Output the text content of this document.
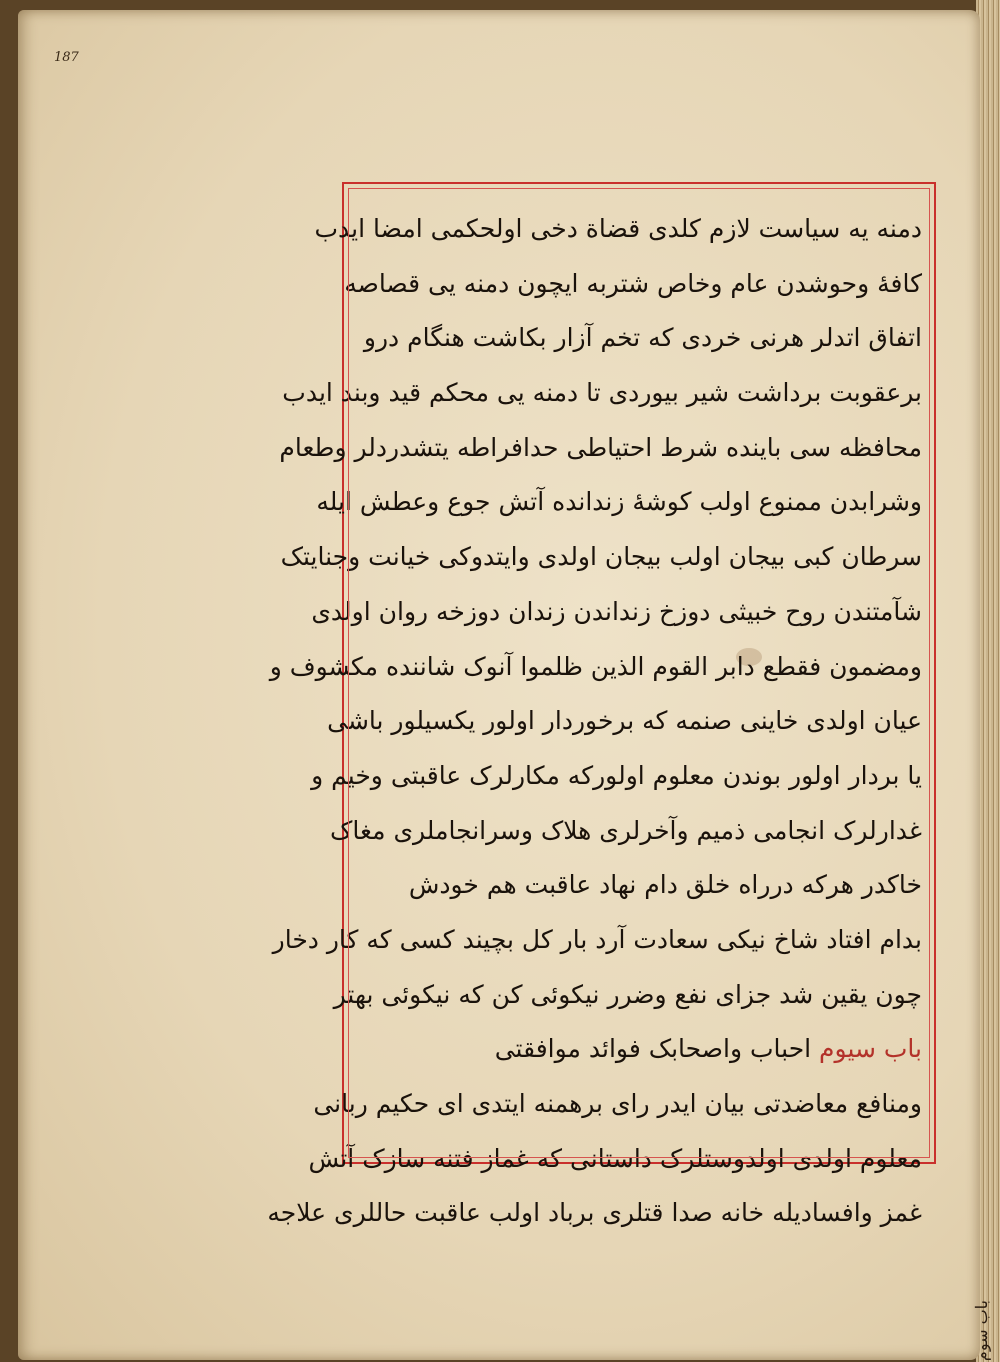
187
دمنه یه سیاست لازم کلدی قضاة دخی اولحکمی امضا ایدب
کافهٔ وحوشدن عام وخاص شتربه ایچون دمنه یی قصاصه
اتفاق اتدلر هرنی خردی که تخم آزار بکاشت هنگام درو
برعقوبت برداشت شیر بیوردی تا دمنه یی محکم قید وبند ایدب
محافظه سی باینده شرط احتیاطی حدافراطه یتشدردلر وطعام
وشرابدن ممنوع اولب کوشهٔ زندانده آتش جوع وعطش ایله
سرطان کبی بیجان اولب بیجان اولدی وایتدوکی خیانت وجنایتک
شآمتندن روح خبیثی دوزخ زنداندن زندان دوزخه روان اولدی
ومضمون فقطع دابر القوم الذین ظلموا آنوک شاننده مکشوف و
عیان اولدی خاینی صنمه که برخوردار اولور یکسیلور باشی
یا بردار اولور بوندن معلوم اولورکه مکارلرک عاقبتی وخیم و
غدارلرک انجامی ذمیم وآخرلری هلاک وسرانجاملری مغاک
خاکدر هرکه درراه خلق دام نهاد عاقبت هم خودش
بدام افتاد شاخ نیکی سعادت آرد بار کل بچیند کسی که کار دخار
چون یقین شد جزای نفع وضرر نیکوئی کن که نیکوئی بهتر
باب سیوم احباب واصحابک فوائد موافقتی
ومنافع معاضدتی بیان ایدر رای برهمنه ایتدی ای حکیم ربانی
معلوم اولدی اولدوستلرک داستانی که غماز فتنه سازک آتش
غمز وافسادیله خانه صدا قتلری برباد اولب عاقبت حاللری علاجه
باب سوم
